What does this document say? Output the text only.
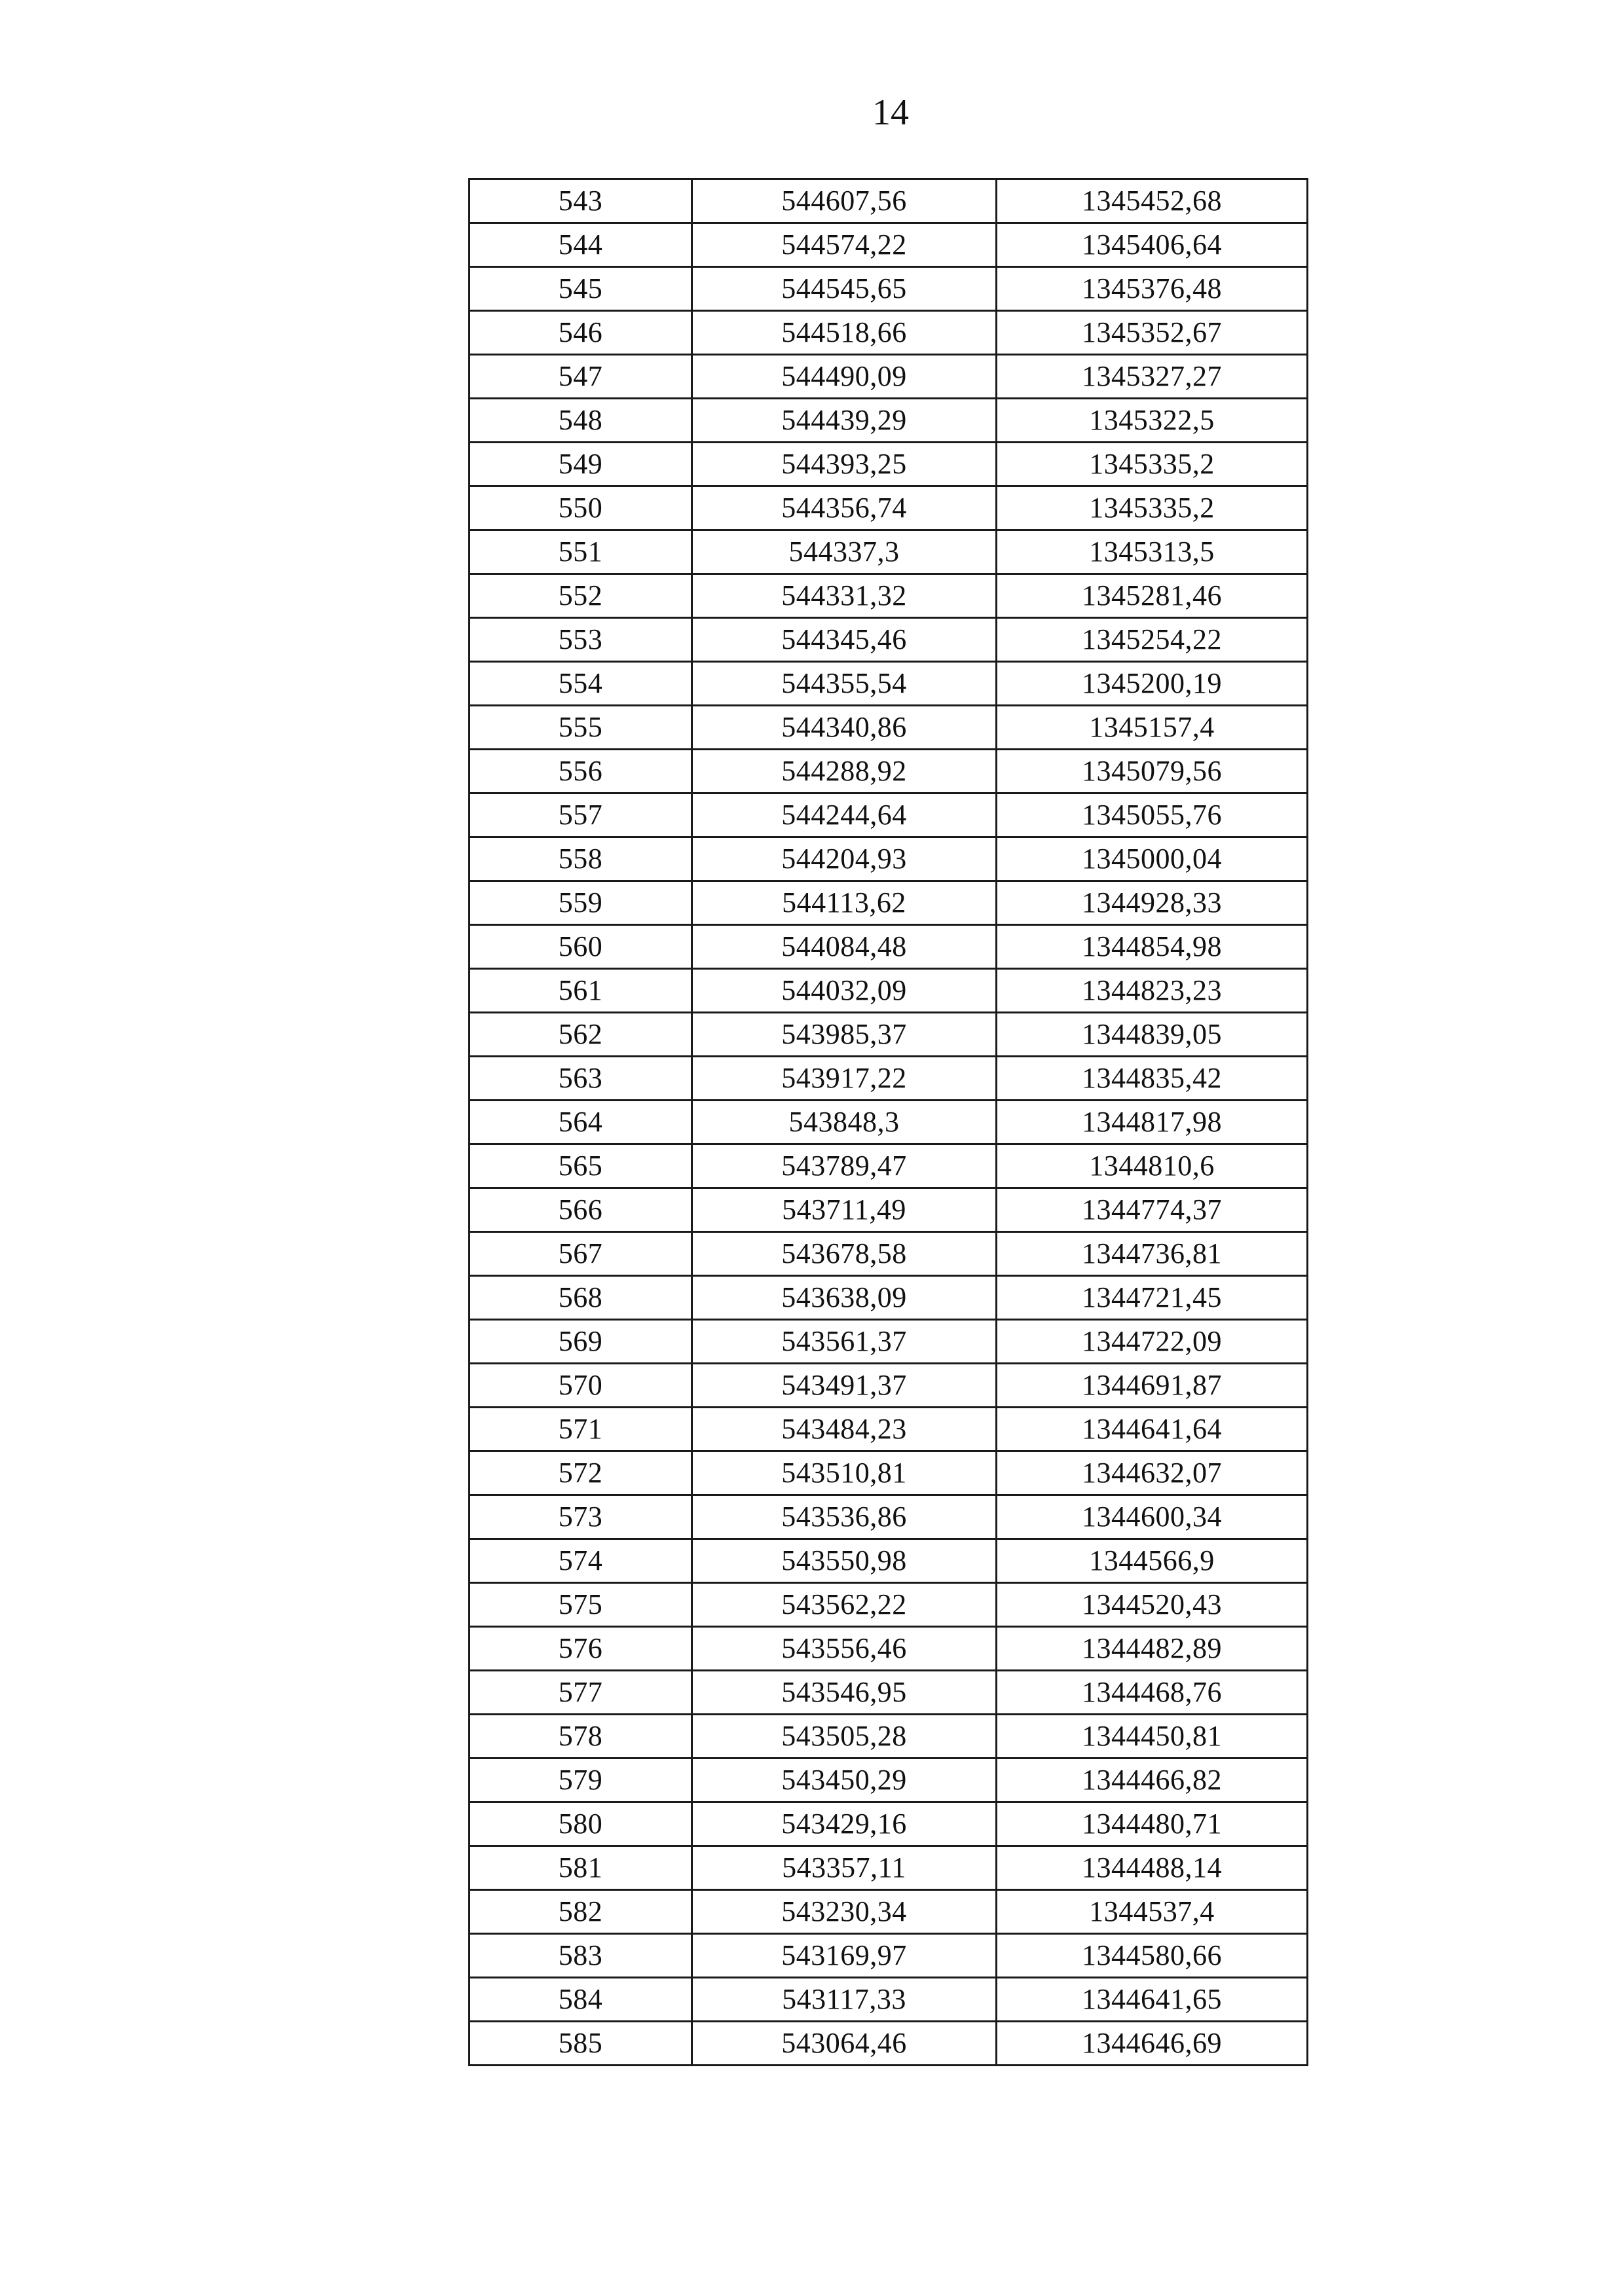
14
543	544607,56	1345452,68
544	544574,22	1345406,64
545	544545,65	1345376,48
546	544518,66	1345352,67
547	544490,09	1345327,27
548	544439,29	1345322,5
549	544393,25	1345335,2
550	544356,74	1345335,2
551	544337,3	1345313,5
552	544331,32	1345281,46
553	544345,46	1345254,22
554	544355,54	1345200,19
555	544340,86	1345157,4
556	544288,92	1345079,56
557	544244,64	1345055,76
558	544204,93	1345000,04
559	544113,62	1344928,33
560	544084,48	1344854,98
561	544032,09	1344823,23
562	543985,37	1344839,05
563	543917,22	1344835,42
564	543848,3	1344817,98
565	543789,47	1344810,6
566	543711,49	1344774,37
567	543678,58	1344736,81
568	543638,09	1344721,45
569	543561,37	1344722,09
570	543491,37	1344691,87
571	543484,23	1344641,64
572	543510,81	1344632,07
573	543536,86	1344600,34
574	543550,98	1344566,9
575	543562,22	1344520,43
576	543556,46	1344482,89
577	543546,95	1344468,76
578	543505,28	1344450,81
579	543450,29	1344466,82
580	543429,16	1344480,71
581	543357,11	1344488,14
582	543230,34	1344537,4
583	543169,97	1344580,66
584	543117,33	1344641,65
585	543064,46	1344646,69
